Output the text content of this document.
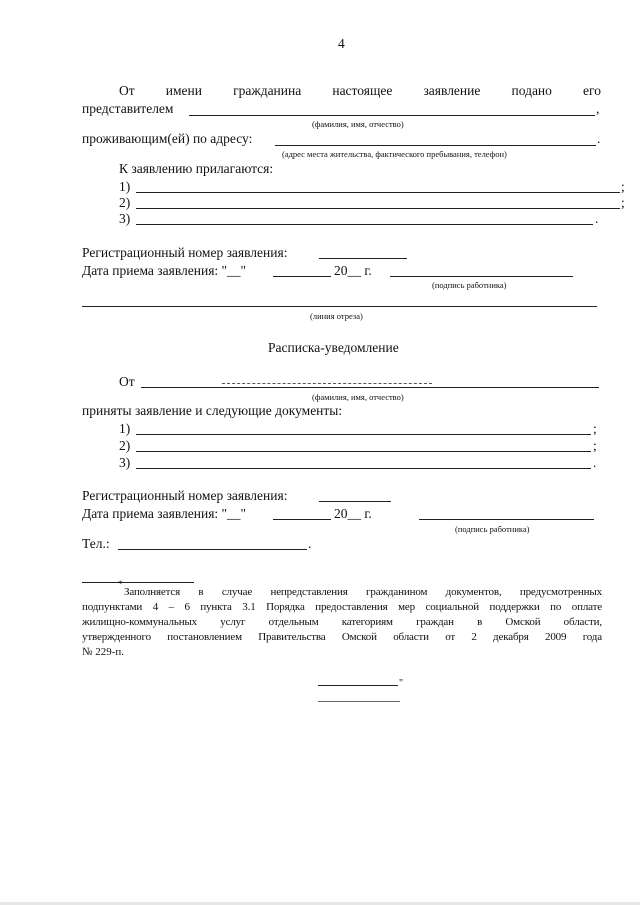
4
От имени гражданина настоящее заявление подано его
представителем	,
(фамилия, имя, отчество)
проживающим(ей) по адресу:	.
(адрес места жительства, фактического пребывания, телефон)
К заявлению прилагаются:
1)	;
2)	;
3)	.
Регистрационный номер заявления:
Дата приема заявления: "__"	20__ г.
(подпись работника)
(линия отреза)
Расписка-уведомление
От
(фамилия, имя, отчество)
приняты заявление и следующие документы:
1)	;
2)	;
3)	.
Регистрационный номер заявления:
Дата приема заявления: "__"	20__ г.
(подпись работника)
Тел.:	.
*
Заполняется в случае непредставления гражданином документов, предусмотренных
подпунктами 4 – 6 пункта 3.1 Порядка предоставления мер социальной поддержки по оплате
жилищно-коммунальных услуг отдельным категориям граждан в Омской области,
утвержденного постановлением Правительства Омской области от 2 декабря 2009 года
№ 229-п.
"
